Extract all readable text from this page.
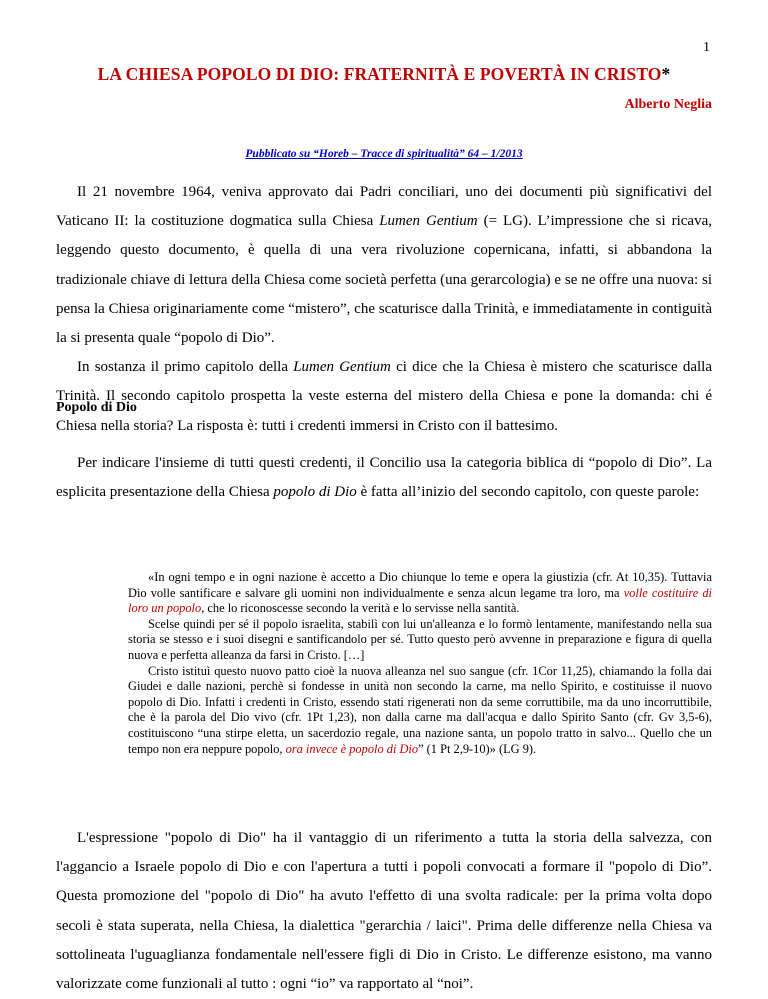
1
LA CHIESA POPOLO DI DIO: FRATERNITÀ E POVERTÀ IN CRISTO*
Alberto Neglia
Pubblicato su “Horeb – Tracce di spiritualità” 64 – 1/2013

Il 21 novembre 1964, veniva approvato dai Padri conciliari, uno dei documenti più significativi del Vaticano II: la costituzione dogmatica sulla Chiesa Lumen Gentium (= LG). L’impressione che si ricava, leggendo questo documento, è quella di una vera rivoluzione copernicana, infatti, si abbandona la tradizionale chiave di lettura della Chiesa come società perfetta (una gerarcologia) e se ne offre una nuova: si pensa la Chiesa originariamente come “mistero”, che scaturisce dalla Trinità, e immediatamente in contiguità la si presenta quale “popolo di Dio”.

In sostanza il primo capitolo della Lumen Gentium ci dice che la Chiesa è mistero che scaturisce dalla Trinità. Il secondo capitolo prospetta la veste esterna del mistero della Chiesa e pone la domanda: chi é Chiesa nella storia? La risposta è: tutti i credenti immersi in Cristo con il battesimo.

Popolo di Dio

Per indicare l'insieme di tutti questi credenti, il Concilio usa la categoria biblica di “popolo di Dio”. La esplicita presentazione della Chiesa popolo di Dio è fatta all’inizio del secondo capitolo, con queste parole:

«In ogni tempo e in ogni nazione è accetto a Dio chiunque lo teme e opera la giustizia (cfr. At 10,35). Tuttavia Dio volle santificare e salvare gli uomini non individualmente e senza alcun legame tra loro, ma volle costituire di loro un popolo, che lo riconoscesse secondo la verità e lo servisse nella santità.

Scelse quindi per sé il popolo israelita, stabilì con lui un'alleanza e lo formò lentamente, manifestando nella sua storia se stesso e i suoi disegni e santificandolo per sé. Tutto questo però avvenne in preparazione e figura di quella nuova e perfetta alleanza da farsi in Cristo. […]

Cristo istituì questo nuovo patto cioè la nuova alleanza nel suo sangue (cfr. 1Cor 11,25), chiamando la folla dai Giudei e dalle nazioni, perchè si fondesse in unità non secondo la carne, ma nello Spirito, e costituisse il nuovo popolo di Dio. Infatti i credenti in Cristo, essendo stati rigenerati non da seme corruttibile, ma da uno incorruttibile, che è la parola del Dio vivo (cfr. 1Pt 1,23), non dalla carne ma dall'acqua e dallo Spirito Santo (cfr. Gv 3,5-6), costituiscono “una stirpe eletta, un sacerdozio regale, una nazione santa, un popolo tratto in salvo... Quello che un tempo non era neppure popolo, ora invece è popolo di Dio” (1 Pt 2,9-10)» (LG 9).

L'espressione "popolo di Dio" ha il vantaggio di un riferimento a tutta la storia della salvezza, con l'aggancio a Israele popolo di Dio e con l'apertura a tutti i popoli convocati a formare il "popolo di Dio”. Questa promozione del "popolo di Dio" ha avuto l'effetto di una svolta radicale: per la prima volta dopo secoli è stata superata, nella Chiesa, la dialettica "gerarchia / laici". Prima delle differenze nella Chiesa va sottolineata l'uguaglianza fondamentale nell'essere figli di Dio in Cristo. Le differenze esistono, ma vanno valorizzate come funzionali al tutto : ogni “io” va rapportato al “noi”.
